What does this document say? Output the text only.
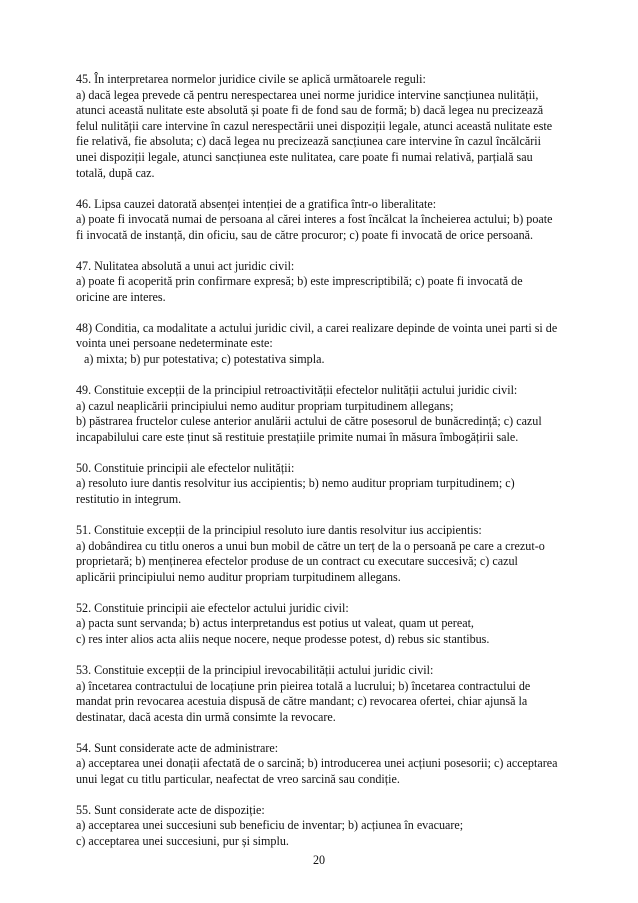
45. În interpretarea normelor juridice civile se aplică următoarele reguli:

a) dacă legea prevede că pentru nerespectarea unei norme juridice intervine sancțiunea nulității,

atunci această nulitate este absolută și poate fi de fond sau de formă; b) dacă legea nu precizează

felul nulității care intervine în cazul nerespectării unei dispoziții legale, atunci această nulitate este

fie relativă, fie absoluta; c) dacă legea nu precizează sancțiunea care intervine în cazul încălcării

unei dispoziții legale, atunci sancțiunea este nulitatea, care poate fi numai relativă, parțială sau

totală, după caz.

46. Lipsa cauzei datorată absenței intenției de a gratifica într-o liberalitate:

a) poate fi invocată numai de persoana al cărei interes a fost încălcat la încheierea actului; b) poate

fi invocată de instanță, din oficiu, sau de către procuror; c) poate fi invocată de orice persoană.

47. Nulitatea absolută a unui act juridic civil:

a) poate fi acoperită prin confirmare expresă; b) este imprescriptibilă; c) poate fi invocată de

oricine are interes.

48) Conditia, ca modalitate a actului juridic civil, a carei realizare depinde de vointa unei parti si de

vointa unei persoane nedeterminate este:

a) mixta; b) pur potestativa; c) potestativa simpla.

49. Constituie excepții de la principiul retroactivității efectelor nulității actului juridic civil:

a) cazul neaplicării principiului nemo auditur propriam turpitudinem allegans;

b) păstrarea fructelor culese anterior anulării actului de către posesorul de bunăcredință; c) cazul

incapabilului care este ținut să restituie prestațiile primite numai în măsura îmbogățirii sale.

50. Constituie principii ale efectelor nulității:

a) resoluto iure dantis resolvitur ius accipientis; b) nemo auditur propriam turpitudinem; c)

restitutio in integrum.

51. Constituie excepții de la principiul resoluto iure dantis resolvitur ius accipientis:

a) dobândirea cu titlu oneros a unui bun mobil de către un terț de la o persoană pe care a crezut-o

proprietară; b) menținerea efectelor produse de un contract cu executare succesivă; c) cazul

aplicării principiului nemo auditur propriam turpitudinem allegans.

52. Constituie principii aie efectelor actului juridic civil:

a) pacta sunt servanda; b) actus interpretandus est potius ut valeat, quam ut pereat,

c) res inter alios acta aliis neque nocere, neque prodesse potest, d) rebus sic stantibus.

53. Constituie excepții de la principiul irevocabilității actului juridic civil:

a) încetarea contractului de locațiune prin pieirea totală a lucrului; b) încetarea contractului de

mandat prin revocarea acestuia dispusă de către mandant; c) revocarea ofertei, chiar ajunsă la

destinatar, dacă acesta din urmă consimte la revocare.

54. Sunt considerate acte de administrare:

a) acceptarea unei donații afectată de o sarcină; b) introducerea unei acțiuni posesorii; c) acceptarea

unui legat cu titlu particular, neafectat de vreo sarcină sau condiție.

55. Sunt considerate acte de dispoziție:

a) acceptarea unei succesiuni sub beneficiu de inventar; b) acțiunea în evacuare;

c) acceptarea unei succesiuni, pur și simplu.

20
